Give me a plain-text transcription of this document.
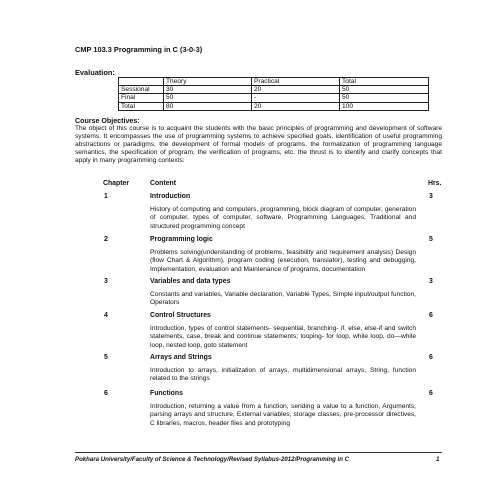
CMP 103.3 Programming in C (3-0-3)
Evaluation:
	Theory	Practical	Total
Sessional	30	20	50
Final	50	-	50
Total	80	20	100
Course Objectives:

The object of this course is to acquaint the students with the basic principles of programming and development of software systems. It encompasses the use of programming systems to achieve specified goals, identification of useful programming abstractions or paradigms, the development of formal models of programs, the formalization of programming language semantics, the specification of program, the verification of programs, etc. the thrust is to identify and clarify concepts that apply in many programming contexts:

Chapter	Content	Hrs.
1	Introduction	3

History of computing and computers, programming, block diagram of computer, generation of computer, types of computer, software, Programming Languages, Traditional and structured programming concept

2	Programming logic	5

Problems solving(understanding of problems, feasibility and requirement analysis) Design (flow Chart & Algorithm), program coding (execution, translator), testing and debugging, Implementation, evaluation and Maintenance of programs, documentation

3	Variables and data types	3

Constants and variables, Variable declaration, Variable Types, Simple input/output function, Operators

4	Control Structures	6

Introduction, types of control statements- sequential, branching- if, else, else-if and switch statements, case, break and continue statements; looping- for loop, while loop, do—while loop, nested loop, goto statement

5	Arrays and Strings	6

Introduction to arrays, initialization of arrays, multidimensional arrays, String, function related to the strings

6	Functions	6

Introduction, returning a value from a function, sending a value to a function, Arguments, parsing arrays and structure, External variables, storage classes, pre-processor directives, C libraries, macros, header files and prototyping

Pokhara University/Faculty of Science & Technology/Revised Syllabus-2012/Programming in C	1
